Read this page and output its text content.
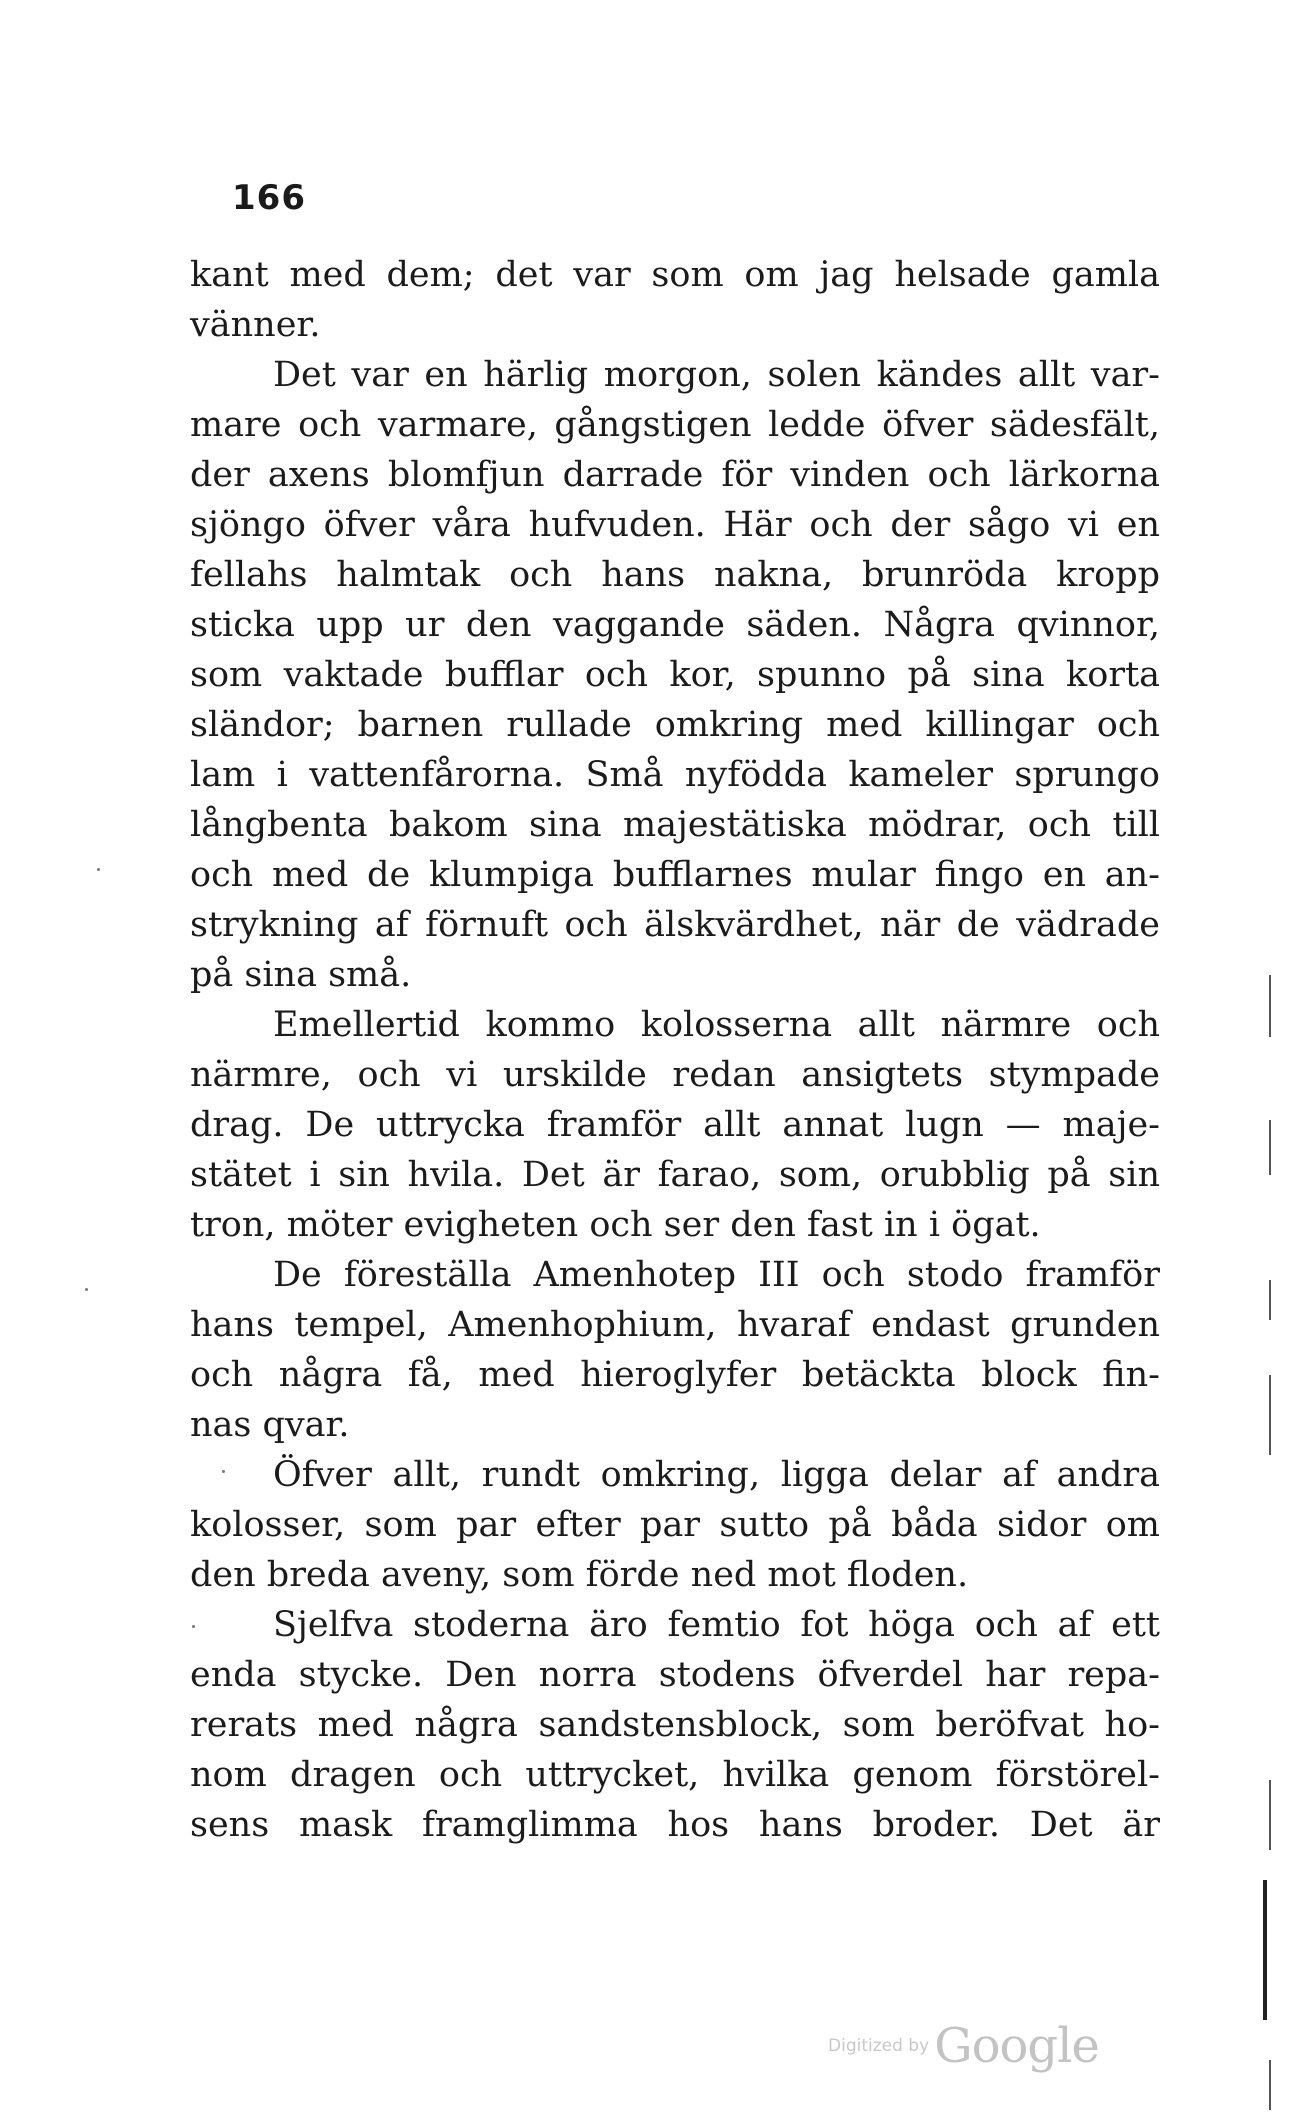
166
kant med dem; det var som om jag helsade gamla
vänner.
Det var en härlig morgon, solen kändes allt var-
mare och varmare, gångstigen ledde öfver sädesfält,
der axens blomfjun darrade för vinden och lärkorna
sjöngo öfver våra hufvuden. Här och der sågo vi en
fellahs halmtak och hans nakna, brunröda kropp
sticka upp ur den vaggande säden. Några qvinnor,
som vaktade bufflar och kor, spunno på sina korta
sländor; barnen rullade omkring med killingar och
lam i vattenfårorna. Små nyfödda kameler sprungo
långbenta bakom sina majestätiska mödrar, och till
och med de klumpiga bufflarnes mular fingo en an-
strykning af förnuft och älskvärdhet, när de vädrade
på sina små.
Emellertid kommo kolosserna allt närmre och
närmre, och vi urskilde redan ansigtets stympade
drag. De uttrycka framför allt annat lugn — maje-
stätet i sin hvila. Det är farao, som, orubblig på sin
tron, möter evigheten och ser den fast in i ögat.
De föreställa Amenhotep III och stodo framför
hans tempel, Amenhophium, hvaraf endast grunden
och några få, med hieroglyfer betäckta block fin-
nas qvar.
Öfver allt, rundt omkring, ligga delar af andra
kolosser, som par efter par sutto på båda sidor om
den breda aveny, som förde ned mot floden.
Sjelfva stoderna äro femtio fot höga och af ett
enda stycke. Den norra stodens öfverdel har repa-
rerats med några sandstensblock, som beröfvat ho-
nom dragen och uttrycket, hvilka genom förstörel-
sens mask framglimma hos hans broder. Det är
Digitized by Google
